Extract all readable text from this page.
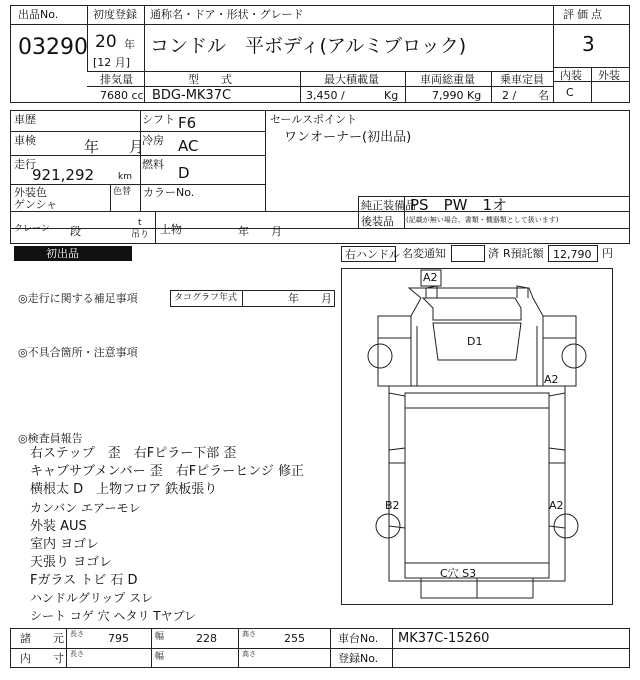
出品No.
03290
初度登録
20 年
[12 月]
通称名・ドア・形状・グレード
コンドル　平ボディ(アルミブロック)
評価点
3
内装 外装
C
排気量
7680 cc
型　　式
BDG-MK37C
最大積載量
3,450 /	Kg
車両総重量
7,990 Kg
乗車定員
2 / 名
車歴	シフト F6
車検	年　　月
冷房 AC
走行
921,292	km
燃料 D
外装色
ゲンシャ
色替 カラーNo.
セールスポイント
ワンオーナー(初出品)
純正装備品
PS　PW　1オ
後装品 (記載が無い場合、書類・機器類として扱います)
クレーン 段
t
吊り 上物	年　　月
初出品	右ハンドル 名変通知	済 R預託額 12,790 円
◎走行に関する補足事項	タコグラフ年式	年　　月
◎不具合箇所・注意事項
◎検査員報告
右ステップ　歪　右Fピラー下部 歪
キャブサブメンバー 歪　右Fピラーヒンジ 修正
横根太 D　上物フロア 鉄板張り
カンバン エアーモレ
外装 AUS
室内 ヨゴレ
天張り ヨゴレ
Fガラス トビ 石 D
ハンドルグリップ スレ
シート コゲ 穴 ヘタリ Tヤブレ
A2
D1
A2
B2	A2
C穴 S3
諸　　元 長さ 795	幅	228	高さ	255	車台No. MK37C-15260
内　　寸 長さ	幅	高さ	登録No.
